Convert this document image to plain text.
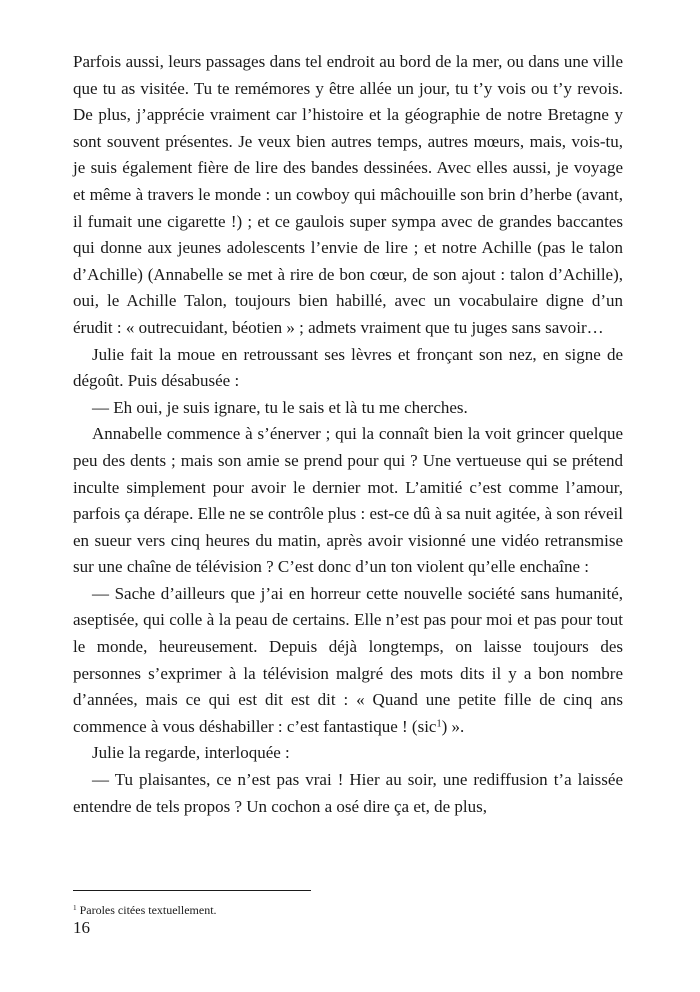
Parfois aussi, leurs passages dans tel endroit au bord de la mer, ou dans une ville que tu as visitée. Tu te remémores y être allée un jour, tu t’y vois ou t’y revois. De plus, j’apprécie vraiment car l’histoire et la géographie de notre Bretagne y sont souvent présentes. Je veux bien autres temps, autres mœurs, mais, vois-tu, je suis également fière de lire des bandes dessinées. Avec elles aussi, je voyage et même à travers le monde : un cowboy qui mâchouille son brin d’herbe (avant, il fumait une cigarette !) ; et ce gaulois super sympa avec de grandes baccantes qui donne aux jeunes adolescents l’envie de lire ; et notre Achille (pas le talon d’Achille) (Annabelle se met à rire de bon cœur, de son ajout : talon d’Achille), oui, le Achille Talon, toujours bien habillé, avec un vocabulaire digne d’un érudit : « outrecuidant, béotien » ; admets vraiment que tu juges sans savoir…

Julie fait la moue en retroussant ses lèvres et fronçant son nez, en signe de dégoût. Puis désabusée :

— Eh oui, je suis ignare, tu le sais et là tu me cherches.

Annabelle commence à s’énerver ; qui la connaît bien la voit grincer quelque peu des dents ; mais son amie se prend pour qui ? Une vertueuse qui se prétend inculte simplement pour avoir le dernier mot. L’amitié c’est comme l’amour, parfois ça dérape. Elle ne se contrôle plus : est-ce dû à sa nuit agitée, à son réveil en sueur vers cinq heures du matin, après avoir visionné une vidéo retransmise sur une chaîne de télévision ? C’est donc d’un ton violent qu’elle enchaîne :

— Sache d’ailleurs que j’ai en horreur cette nouvelle société sans humanité, aseptisée, qui colle à la peau de certains. Elle n’est pas pour moi et pas pour tout le monde, heureusement. Depuis déjà longtemps, on laisse toujours des personnes s’exprimer à la télévision malgré des mots dits il y a bon nombre d’années, mais ce qui est dit est dit : « Quand une petite fille de cinq ans commence à vous déshabiller : c’est fantastique ! (sic$^1$) ».

Julie la regarde, interloquée :

— Tu plaisantes, ce n’est pas vrai ! Hier au soir, une rediffusion t’a laissée entendre de tels propos ? Un cochon a osé dire ça et, de plus,

$^1$ Paroles citées textuellement.
16
